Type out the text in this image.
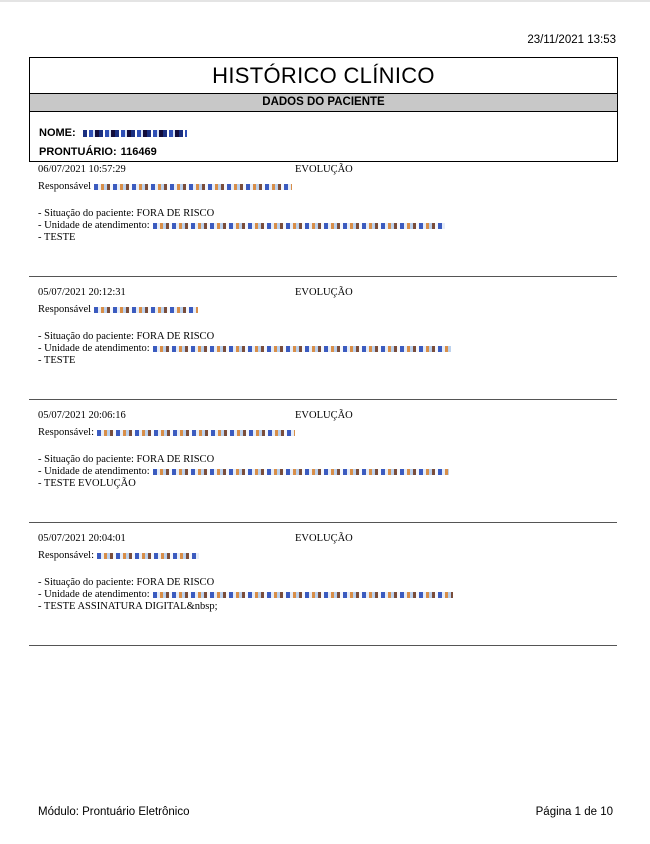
23/11/2021 13:53
HISTÓRICO CLÍNICO
DADOS DO PACIENTE
NOME:
PRONTUÁRIO: 116469
06/07/2021 10:57:29	EVOLUÇÃO
Responsável
- Situação do paciente: FORA DE RISCO
- Unidade de atendimento:
- TESTE
05/07/2021 20:12:31	EVOLUÇÃO
Responsável
- Situação do paciente: FORA DE RISCO
- Unidade de atendimento:
- TESTE
05/07/2021 20:06:16	EVOLUÇÃO
Responsável:
- Situação do paciente: FORA DE RISCO
- Unidade de atendimento:
- TESTE EVOLUÇÃO
05/07/2021 20:04:01	EVOLUÇÃO
Responsável:
- Situação do paciente: FORA DE RISCO
- Unidade de atendimento:
- TESTE ASSINATURA DIGITAL&nbsp;
Módulo: Prontuário Eletrônico	Página 1 de 10
